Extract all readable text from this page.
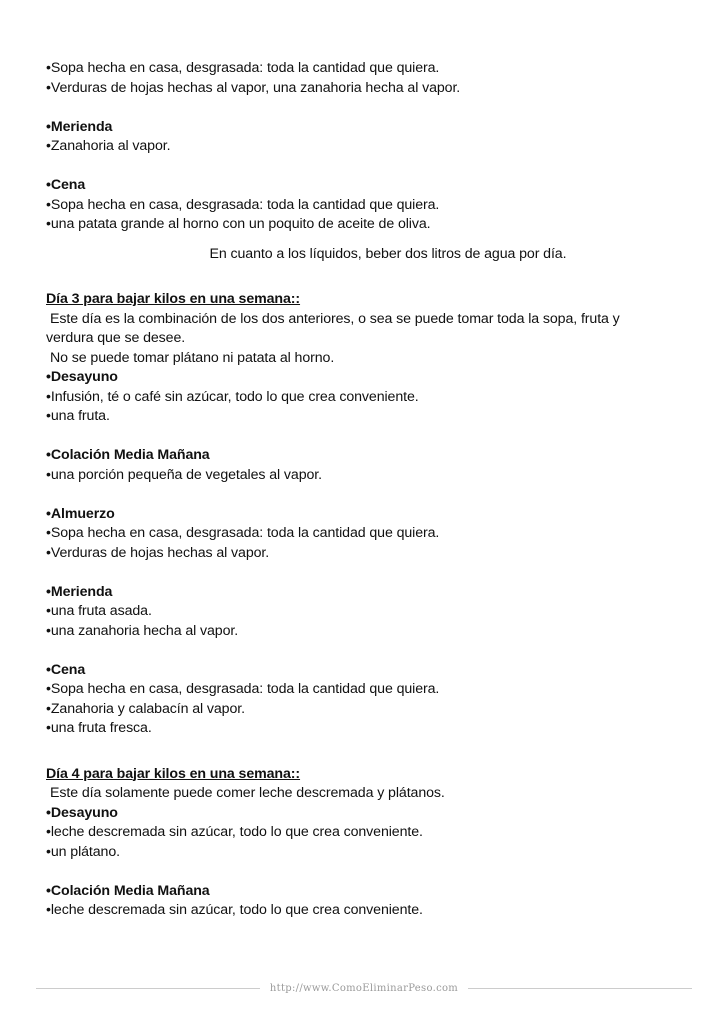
•Sopa hecha en casa, desgrasada: toda la cantidad que quiera.
•Verduras de hojas hechas al vapor, una zanahoria hecha al vapor.
•Merienda
•Zanahoria al vapor.
•Cena
•Sopa hecha en casa, desgrasada: toda la cantidad que quiera.
•una patata grande al horno con un poquito de aceite de oliva.
En cuanto a los líquidos, beber dos litros de agua por día.
Día 3 para bajar kilos en una semana::
Este día es la combinación de los dos anteriores, o sea se puede tomar toda la sopa, fruta y
verdura que se desee.
No se puede tomar plátano ni patata al horno.
•Desayuno
•Infusión, té o café sin azúcar, todo lo que crea conveniente.
•una fruta.
•Colación Media Mañana
•una porción pequeña de vegetales al vapor.
•Almuerzo
•Sopa hecha en casa, desgrasada: toda la cantidad que quiera.
•Verduras de hojas hechas al vapor.
•Merienda
•una fruta asada.
•una zanahoria hecha al vapor.
•Cena
•Sopa hecha en casa, desgrasada: toda la cantidad que quiera.
•Zanahoria y calabacín al vapor.
•una fruta fresca.
Día 4 para bajar kilos en una semana::
Este día solamente puede comer leche descremada y plátanos.
•Desayuno
•leche descremada sin azúcar, todo lo que crea conveniente.
•un plátano.
•Colación Media Mañana
•leche descremada sin azúcar, todo lo que crea conveniente.
http://www.ComoEliminarPeso.com
